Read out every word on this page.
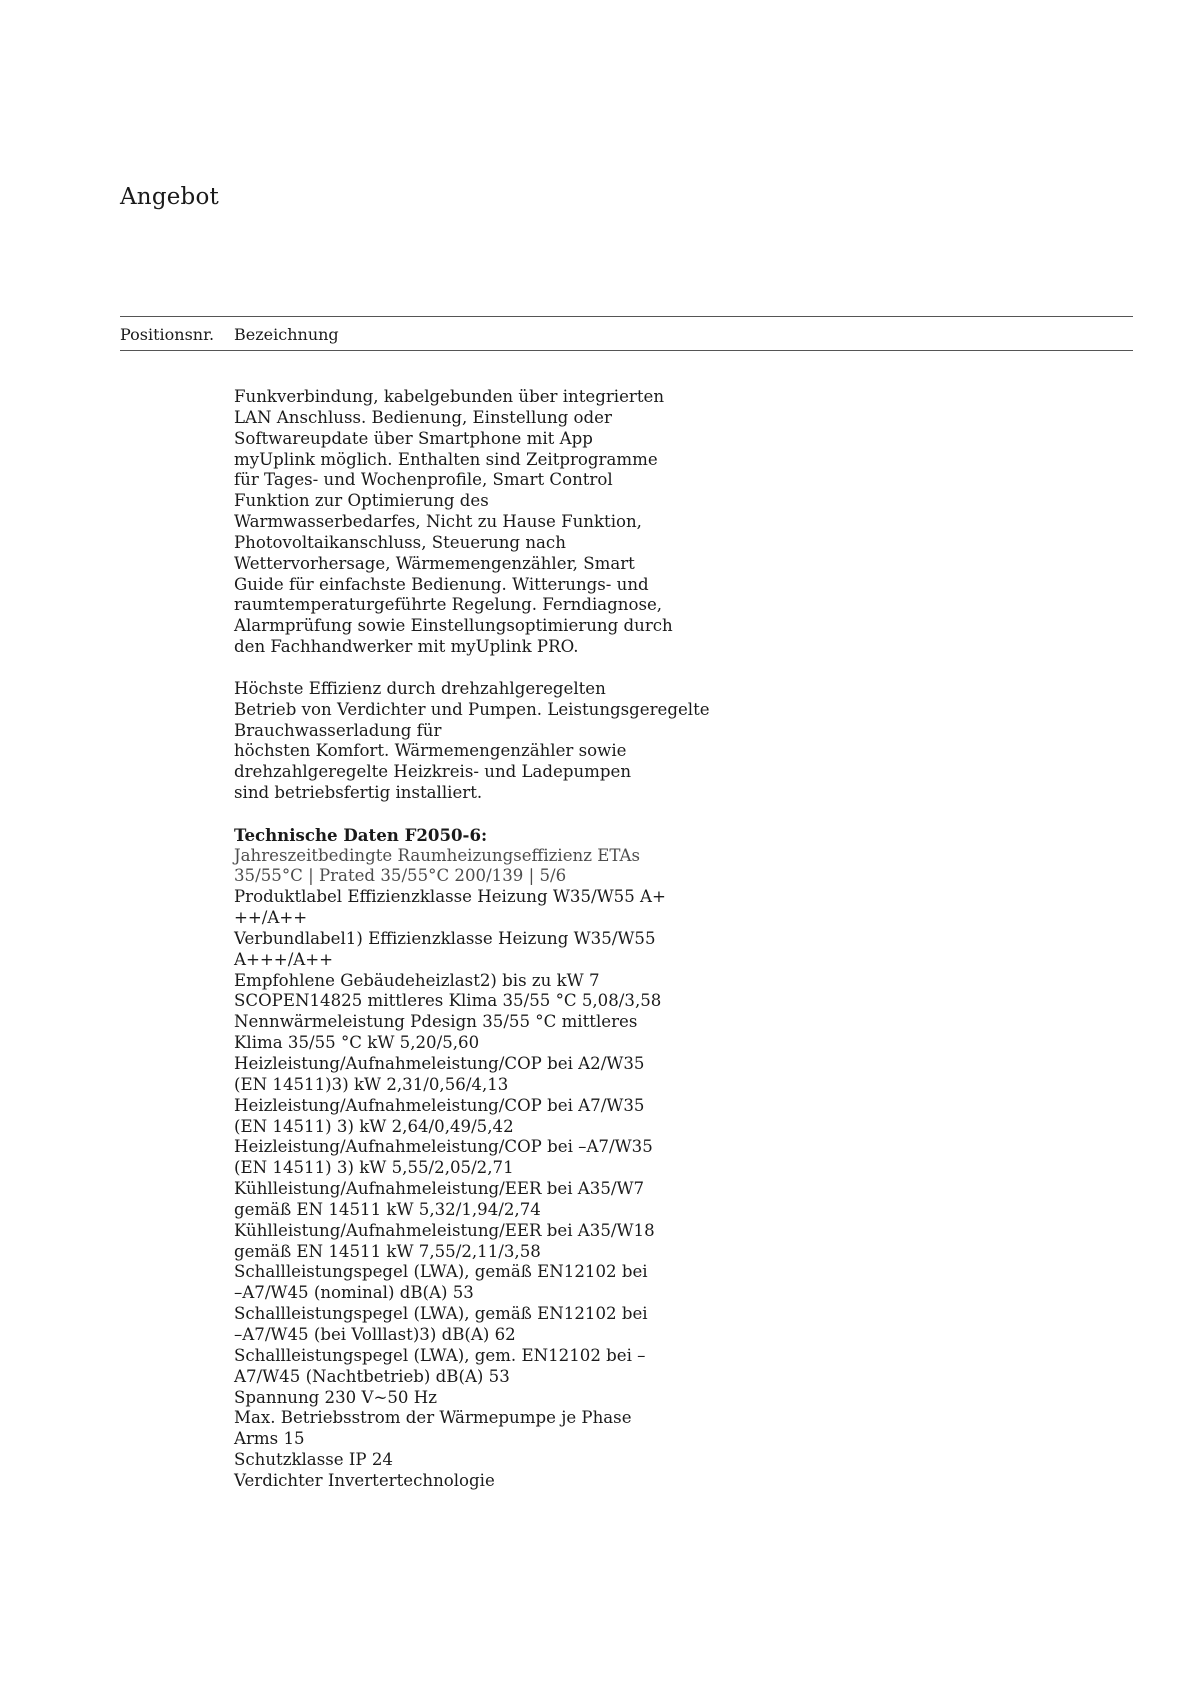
Angebot

Positionsnr. Bezeichnung

Funkverbindung, kabelgebunden über integrierten
LAN Anschluss. Bedienung, Einstellung oder
Softwareupdate über Smartphone mit App
myUplink möglich. Enthalten sind Zeitprogramme
für Tages- und Wochenprofile, Smart Control
Funktion zur Optimierung des
Warmwasserbedarfes, Nicht zu Hause Funktion,
Photovoltaikanschluss, Steuerung nach
Wettervorhersage, Wärmemengenzähler, Smart
Guide für einfachste Bedienung. Witterungs- und
raumtemperaturgeführte Regelung. Ferndiagnose,
Alarmprüfung sowie Einstellungsoptimierung durch
den Fachhandwerker mit myUplink PRO.

Höchste Effizienz durch drehzahlgeregelten
Betrieb von Verdichter und Pumpen. Leistungsgeregelte
Brauchwasserladung für
höchsten Komfort. Wärmemengenzähler sowie
drehzahlgeregelte Heizkreis- und Ladepumpen
sind betriebsfertig installiert.

Technische Daten F2050-6:

Jahreszeitbedingte Raumheizungseffizienz ETAs
35/55°C | Prated 35/55°C 200/139 | 5/6

Produktlabel Effizienzklasse Heizung W35/W55 A+
++/A++

Verbundlabel1) Effizienzklasse Heizung W35/W55
A+++/A++

Empfohlene Gebäudeheizlast2) bis zu kW 7

SCOPEN14825 mittleres Klima 35/55 °C 5,08/3,58

Nennwärmeleistung Pdesign 35/55 °C mittleres
Klima 35/55 °C kW 5,20/5,60

Heizleistung/Aufnahmeleistung/COP bei A2/W35
(EN 14511)3) kW 2,31/0,56/4,13

Heizleistung/Aufnahmeleistung/COP bei A7/W35
(EN 14511) 3) kW 2,64/0,49/5,42

Heizleistung/Aufnahmeleistung/COP bei –A7/W35
(EN 14511) 3) kW 5,55/2,05/2,71

Kühlleistung/Aufnahmeleistung/EER bei A35/W7
gemäß EN 14511 kW 5,32/1,94/2,74

Kühlleistung/Aufnahmeleistung/EER bei A35/W18
gemäß EN 14511 kW 7,55/2,11/3,58

Schallleistungspegel (LWA), gemäß EN12102 bei
–A7/W45 (nominal) dB(A) 53

Schallleistungspegel (LWA), gemäß EN12102 bei
–A7/W45 (bei Volllast)3) dB(A) 62

Schallleistungspegel (LWA), gem. EN12102 bei –
A7/W45 (Nachtbetrieb) dB(A) 53

Spannung 230 V~50 Hz

Max. Betriebsstrom der Wärmepumpe je Phase
Arms 15

Schutzklasse IP 24

Verdichter Invertertechnologie
